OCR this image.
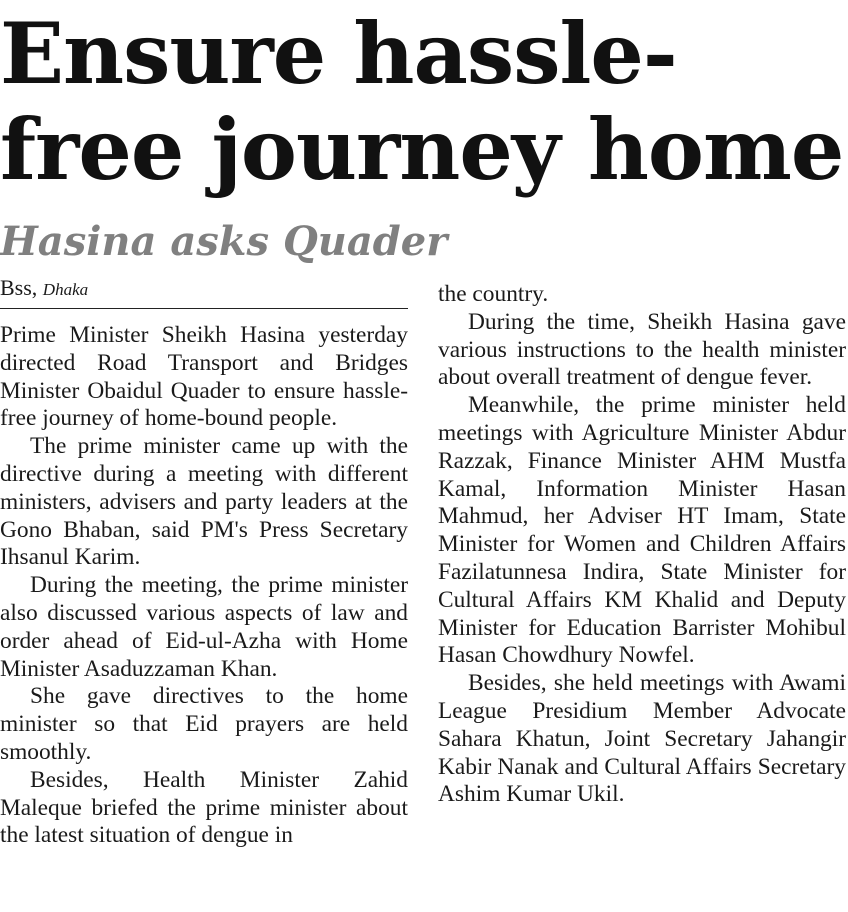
Ensure hassle-free journey home
Hasina asks Quader
Bss, Dhaka

Prime Minister Sheikh Hasina yesterday directed Road Transport and Bridges Minister Obaidul Quader to ensure hassle-free journey of home-bound people.

The prime minister came up with the directive during a meeting with different ministers, advisers and party leaders at the Gono Bhaban, said PM's Press Secretary Ihsanul Karim.

During the meeting, the prime minister also discussed various aspects of law and order ahead of Eid-ul-Azha with Home Minister Asaduzzaman Khan.

She gave directives to the home minister so that Eid prayers are held smoothly.

Besides, Health Minister Zahid Maleque briefed the prime minister about the latest situation of dengue in

the country.

During the time, Sheikh Hasina gave various instructions to the health minister about overall treatment of dengue fever.

Meanwhile, the prime minister held meetings with Agriculture Minister Abdur Razzak, Finance Minister AHM Mustfa Kamal, Information Minister Hasan Mahmud, her Adviser HT Imam, State Minister for Women and Children Affairs Fazilatunnesa Indira, State Minister for Cultural Affairs KM Khalid and Deputy Minister for Education Barrister Mohibul Hasan Chowdhury Nowfel.

Besides, she held meetings with Awami League Presidium Member Advocate Sahara Khatun, Joint Secretary Jahangir Kabir Nanak and Cultural Affairs Secretary Ashim Kumar Ukil.
